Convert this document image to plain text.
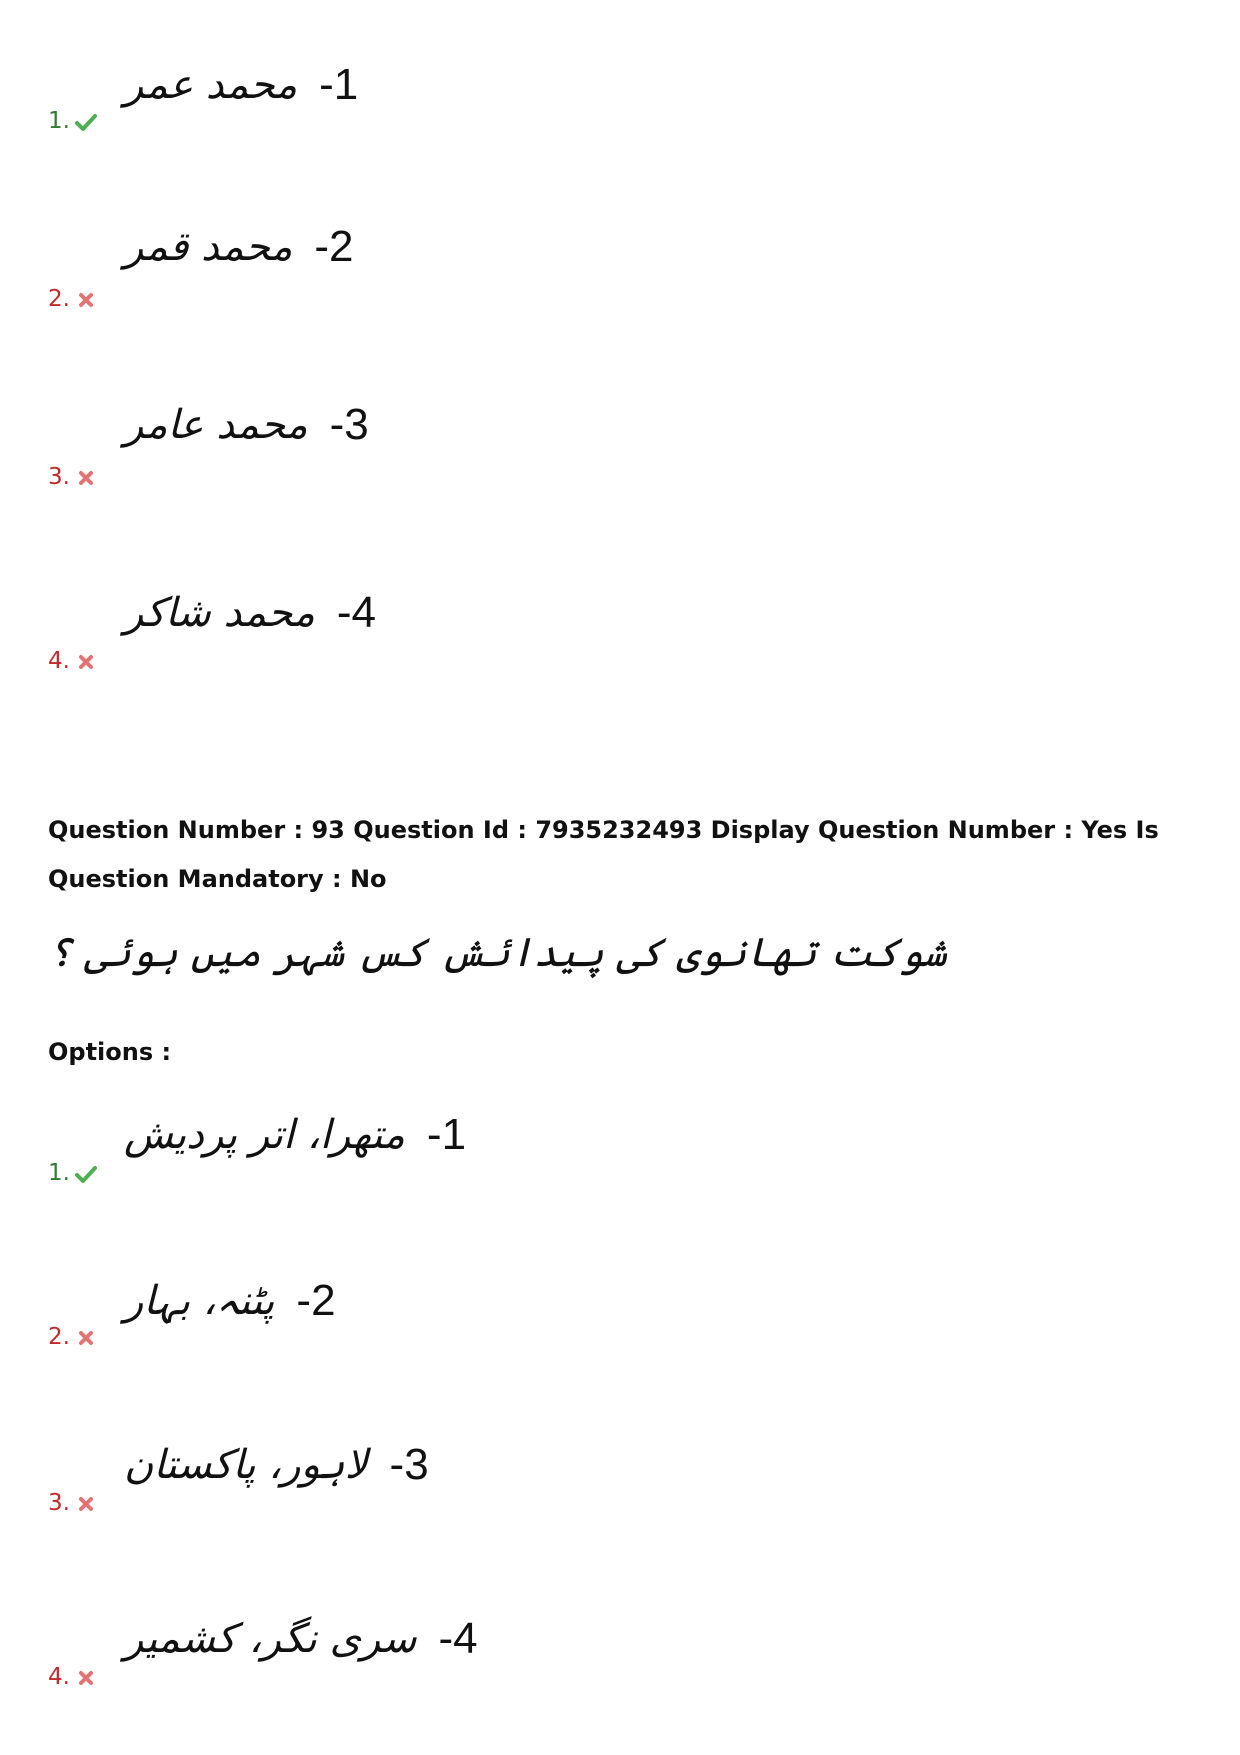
-1
محمد عمر
1.
-2
محمد قمر
2.
-3
محمد عامر
3.
-4
محمد شاکر
4.
Question Number : 93 Question Id : 7935232493 Display Question Number : Yes Is Question Mandatory : No
شوکت تھانوی کی پیدائش کس شہر میں ہوئی ؟
Options :
-1
متھرا، اتر پردیش
1.
-2
پٹنہ، بہار
2.
-3
لاہور، پاکستان
3.
-4
سری نگر، کشمیر
4.
